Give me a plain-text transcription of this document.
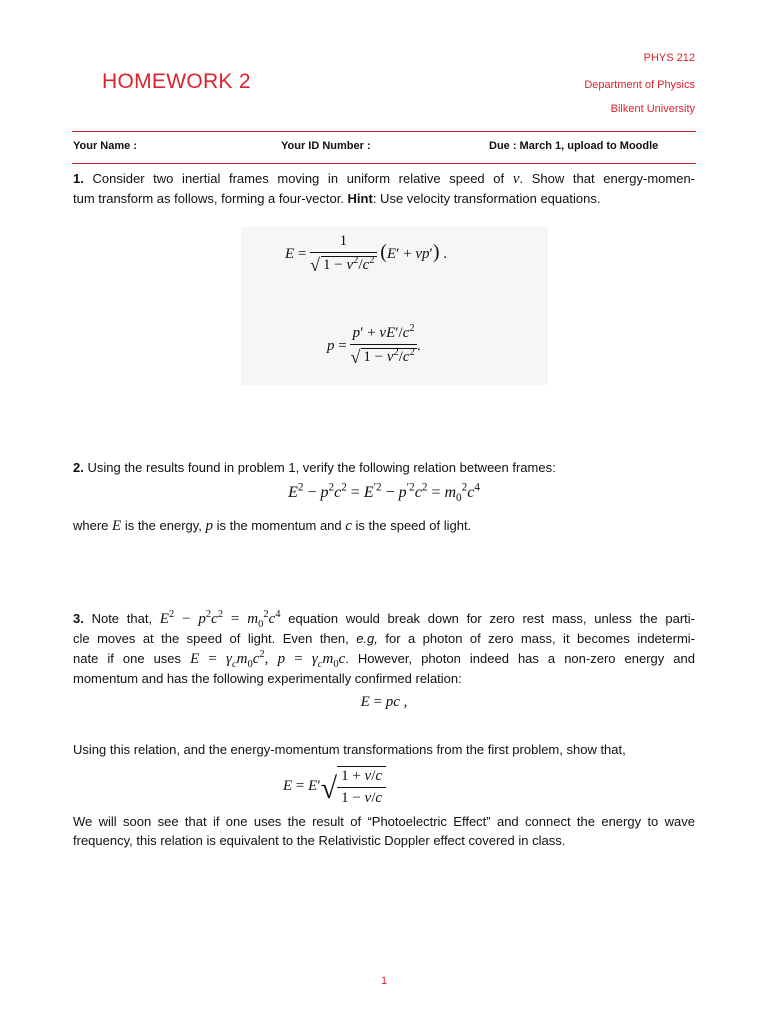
HOMEWORK 2
PHYS 212
Department of Physics
Bilkent University
Your Name :	Your ID Number :	Due : March 1, upload to Moodle
1. Consider two inertial frames moving in uniform relative speed of v. Show that energy-momen-
tum transform as follows, forming a four-vector. Hint: Use velocity transformation equations.
$E = \frac{1}{√ 1 - v^2/c^2} (E' + vp')$ .
$p = \frac{p' + vE'/c^2}{√ 1 - v^2/c^2}$ .
2. Using the results found in problem 1, verify the following relation between frames:
$E^2 - p^2c^2 = E^{'2} - p^{'2}c^2 = m_0^2c^4$
where E is the energy, p is the momentum and c is the speed of light.
3. Note that, $E^2 - p^2c^2 = m_0^2c^4$ equation would break down for zero rest mass, unless the parti-
cle moves at the speed of light. Even then, e.g, for a photon of zero mass, it becomes indetermi-
nate if one uses $E = \gamma_cm_0c^2$, $p = \gamma_cm_0c$. However, photon indeed has a non-zero energy and
momentum and has the following experimentally confirmed relation:
E = pc ,
Using this relation, and the energy-momentum transformations from the first problem, show that,
$E = E'√ \frac{1 + v/c}{1 - v/c}$
We will soon see that if one uses the result of “Photoelectric Effect” and connect the energy to wave frequency, this relation is equivalent to the Relativistic Doppler effect covered in class.
1
